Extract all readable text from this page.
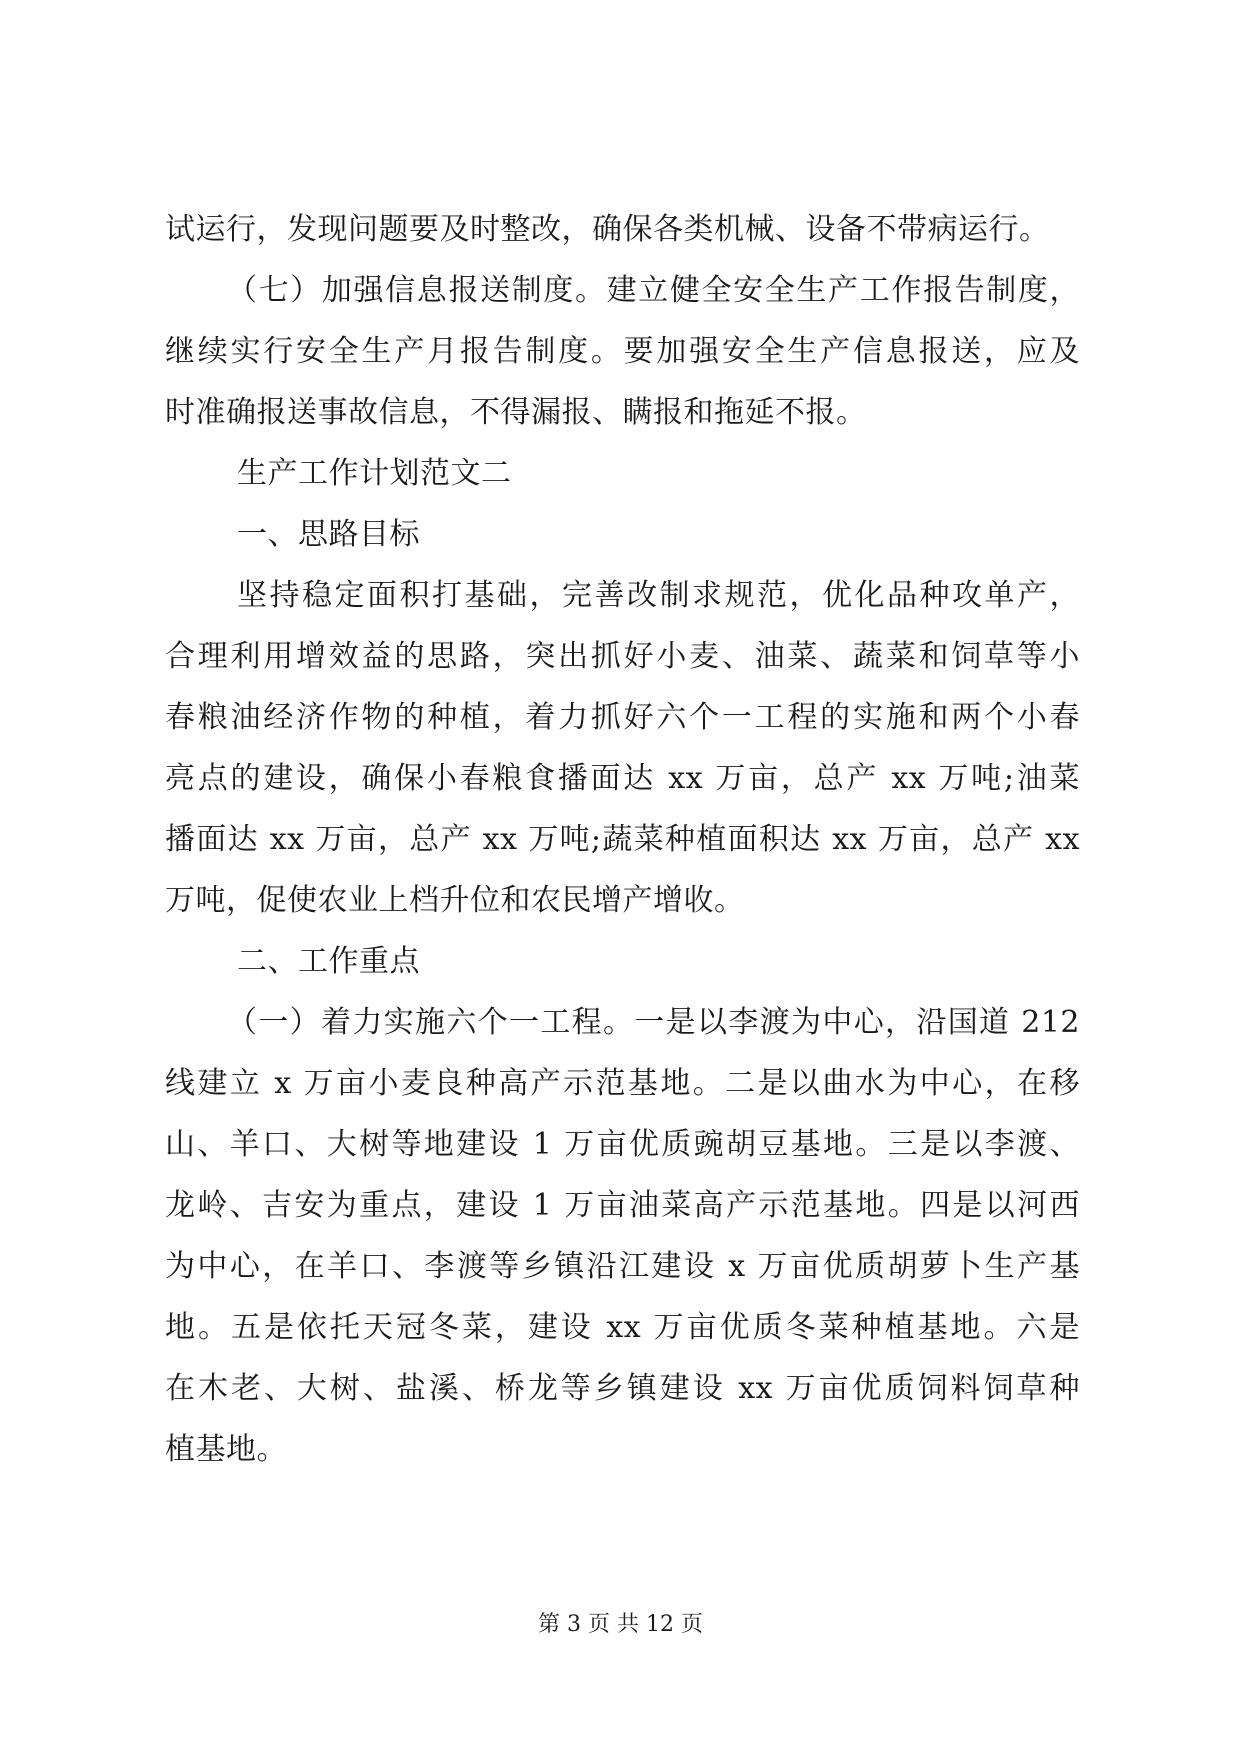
试运行，发现问题要及时整改，确保各类机械、设备不带病运行。
（七）加强信息报送制度。建立健全安全生产工作报告制度，
继续实行安全生产月报告制度。要加强安全生产信息报送，应及
时准确报送事故信息，不得漏报、瞒报和拖延不报。
生产工作计划范文二
一、思路目标
坚持稳定面积打基础，完善改制求规范，优化品种攻单产，
合理利用增效益的思路，突出抓好小麦、油菜、蔬菜和饲草等小
春粮油经济作物的种植，着力抓好六个一工程的实施和两个小春
亮点的建设，确保小春粮食播面达 xx 万亩，总产 xx 万吨;油菜
播面达 xx 万亩，总产 xx 万吨;蔬菜种植面积达 xx 万亩，总产 xx
万吨，促使农业上档升位和农民增产增收。
二、工作重点
（一）着力实施六个一工程。一是以李渡为中心，沿国道 212
线建立 x 万亩小麦良种高产示范基地。二是以曲水为中心，在移
山、羊口、大树等地建设 1 万亩优质豌胡豆基地。三是以李渡、
龙岭、吉安为重点，建设 1 万亩油菜高产示范基地。四是以河西
为中心，在羊口、李渡等乡镇沿江建设 x 万亩优质胡萝卜生产基
地。五是依托天冠冬菜，建设 xx 万亩优质冬菜种植基地。六是
在木老、大树、盐溪、桥龙等乡镇建设 xx 万亩优质饲料饲草种
植基地。
第 3 页 共 12 页
